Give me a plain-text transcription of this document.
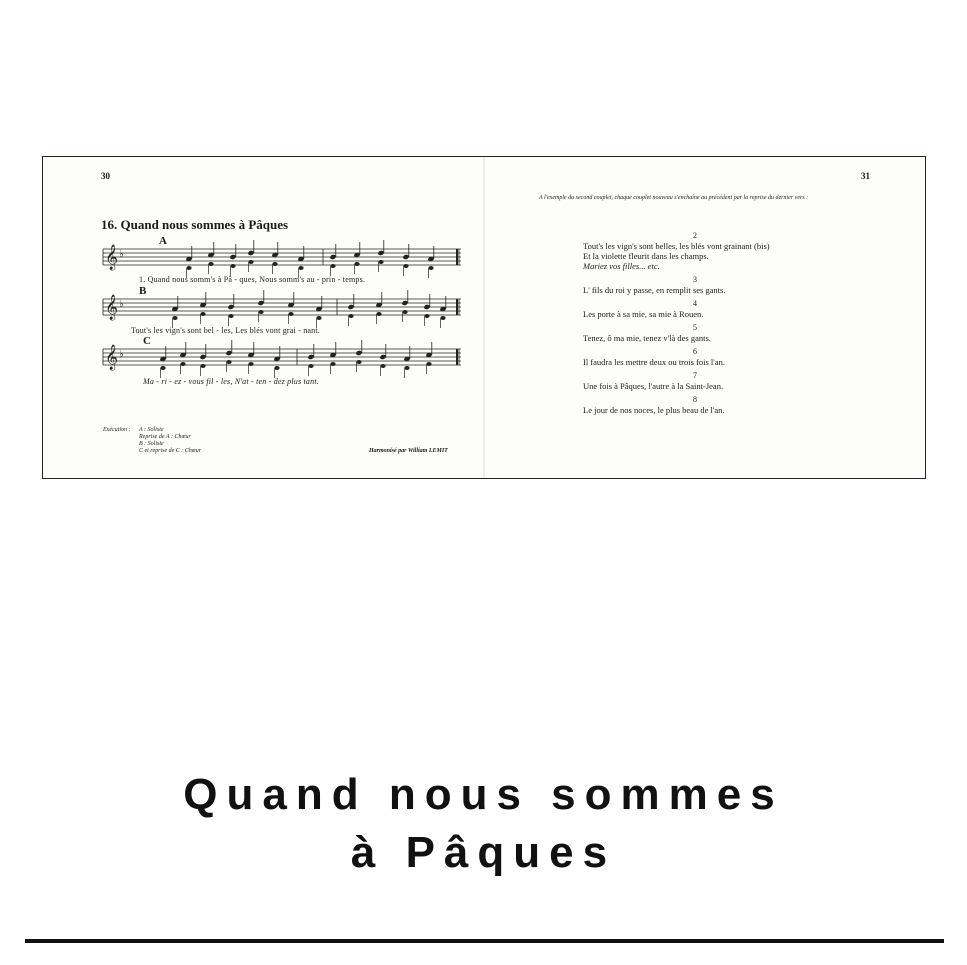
30	31
16. Quand nous sommes à Pâques
A
𝄞 ♭
1. Quand nous somm's à Pâ - ques, Nous somm's au - prin - temps.
B
𝄞 ♭
Tout's les vign's sont bel - les, Les blés vont grai - nant.
C
𝄞 ♭
Ma - ri - ez - vous fil - les, N'at - ten - dez plus tant.
Exécution : A : Soliste
Reprise de A : Chœur
B : Soliste
C et reprise de C : Chœur	Harmonisé par William LEMIT
A l'exemple du second couplet, chaque couplet nouveau s'enchaîne au précédent par la reprise du dernier vers :
2
Tout's les vign's sont belles, les blés vont grainant (bis)
Et la violette fleurit dans les champs.
Mariez vos filles... etc.
3
L' fils du roi y passe, en remplit ses gants.
4
Les porte à sa mie, sa mie à Rouen.
5
Tenez, ô ma mie, tenez v'là des gants.
6
Il faudra les mettre deux ou trois fois l'an.
7
Une fois à Pâques, l'autre à la Saint-Jean.
8
Le jour de nos noces, le plus beau de l'an.
Quand nous sommes
à Pâques
